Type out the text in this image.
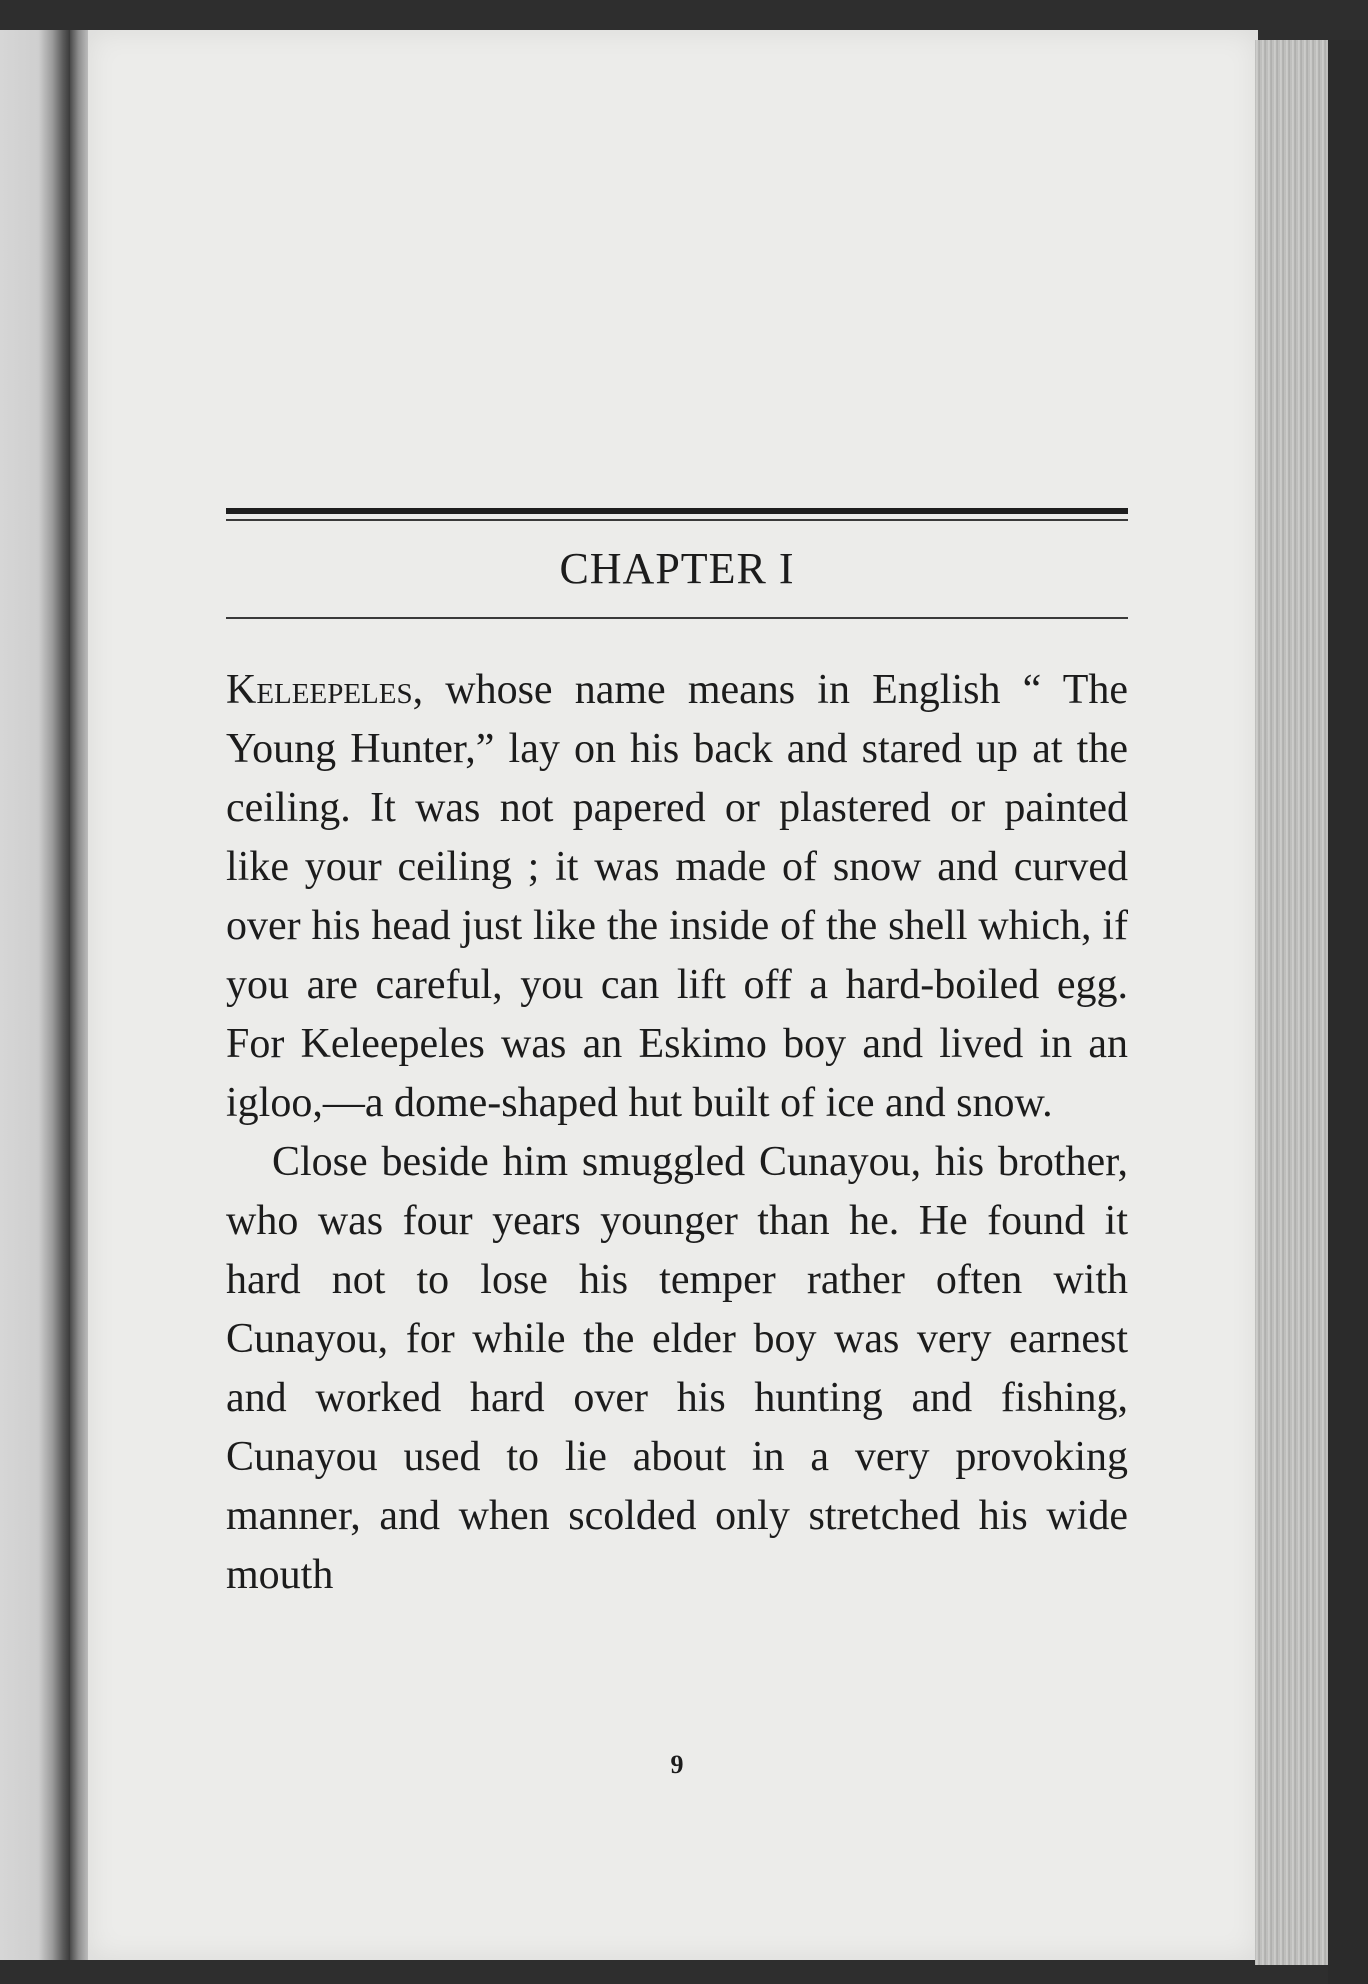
CHAPTER I

Keleepeles, whose name means in English “ The Young Hunter,” lay on his back and stared up at the ceiling. It was not papered or plastered or painted like your ceiling ; it was made of snow and curved over his head just like the inside of the shell which, if you are careful, you can lift off a hard-boiled egg. For Keleepeles was an Eskimo boy and lived in an igloo,—a dome-shaped hut built of ice and snow.

Close beside him smuggled Cunayou, his brother, who was four years younger than he. He found it hard not to lose his temper rather often with Cunayou, for while the elder boy was very earnest and worked hard over his hunting and fishing, Cunayou used to lie about in a very provoking manner, and when scolded only stretched his wide mouth

9
